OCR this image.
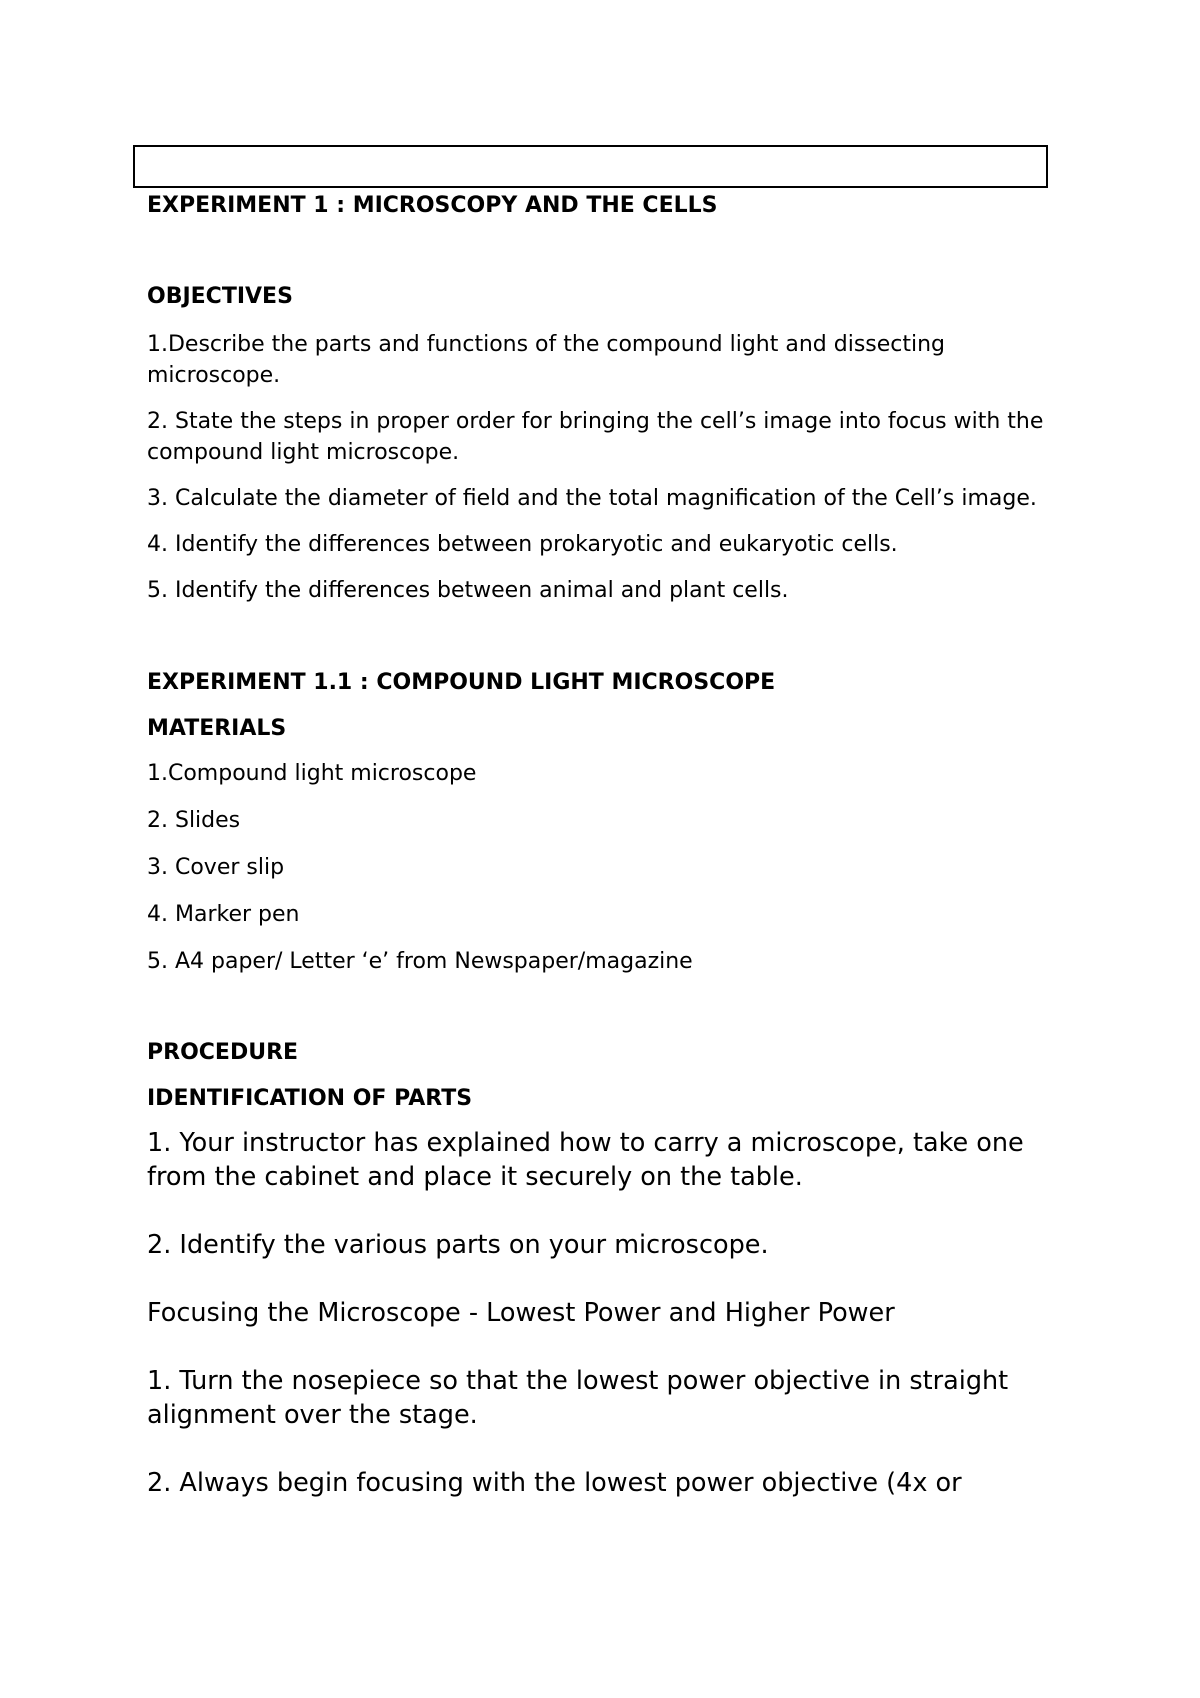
EXPERIMENT 1 : MICROSCOPY AND THE CELLS

OBJECTIVES

1.Describe the parts and functions of the compound light and dissecting microscope.

2. State the steps in proper order for bringing the cell’s image into focus with the compound light microscope.

3. Calculate the diameter of field and the total magnification of the Cell’s image.

4. Identify the differences between prokaryotic and eukaryotic cells.

5. Identify the differences between animal and plant cells.

EXPERIMENT 1.1 : COMPOUND LIGHT MICROSCOPE

MATERIALS

1.Compound light microscope

2. Slides

3. Cover slip

4. Marker pen

5. A4 paper/ Letter ‘e’ from Newspaper/magazine

PROCEDURE

IDENTIFICATION OF PARTS

1. Your instructor has explained how to carry a microscope, take one from the cabinet and place it securely on the table.

2. Identify the various parts on your microscope.

Focusing the Microscope - Lowest Power and Higher Power

1. Turn the nosepiece so that the lowest power objective in straight alignment over the stage.

2. Always begin focusing with the lowest power objective (4x or
